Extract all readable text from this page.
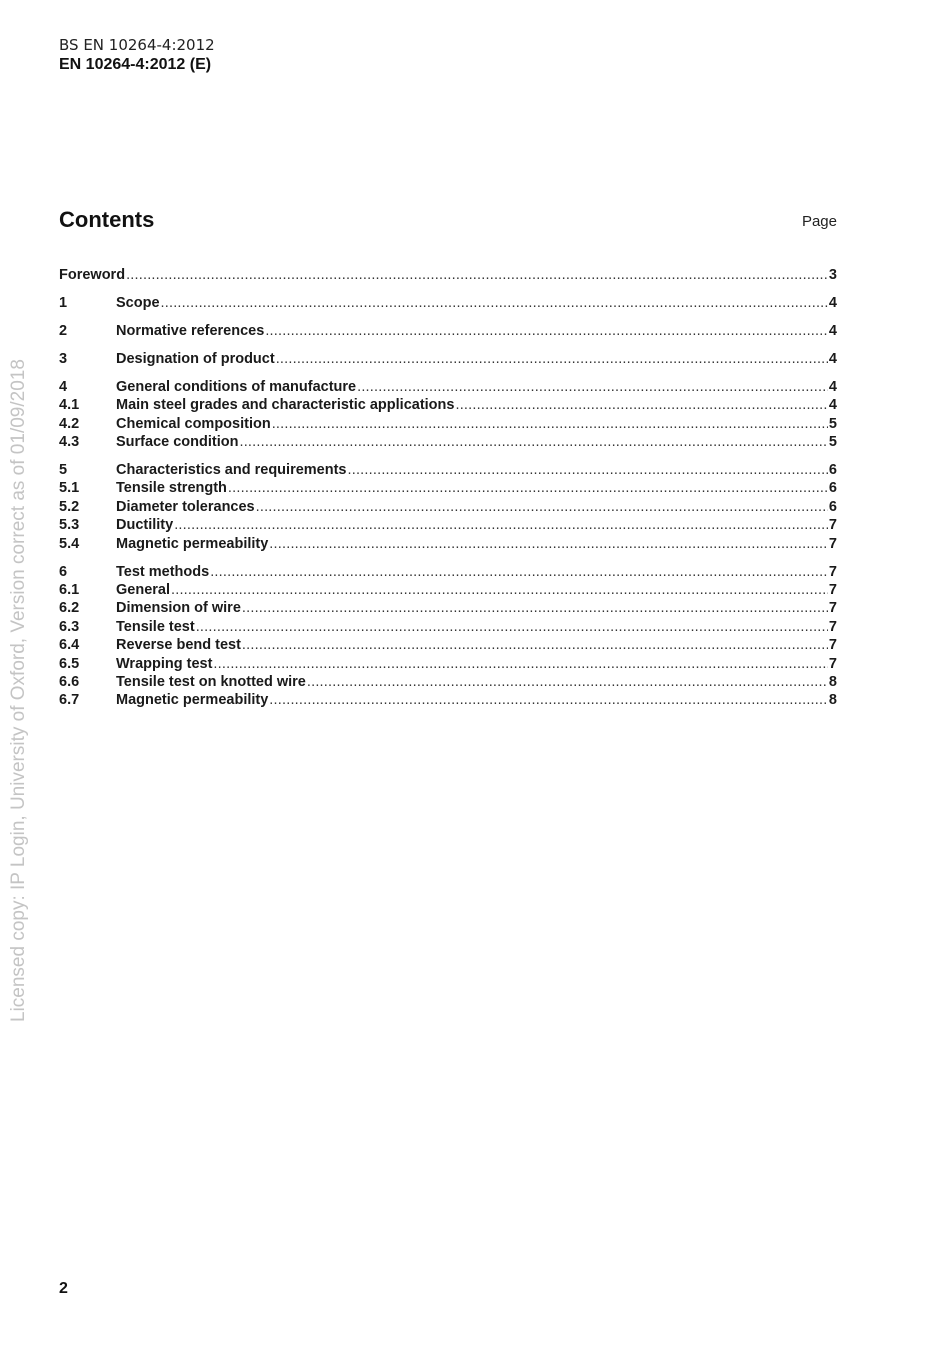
BS EN 10264-4:2012
EN 10264-4:2012 (E)
Contents	Page
Foreword .....	3
1	Scope .....	4
2	Normative references .....	4
3	Designation of product .....	4
4	General conditions of manufacture .....	4
4.1	Main steel grades and characteristic applications .....	4
4.2	Chemical composition .....	5
4.3	Surface condition .....	5
5	Characteristics and requirements .....	6
5.1	Tensile strength .....	6
5.2	Diameter tolerances .....	6
5.3	Ductility .....	7
5.4	Magnetic permeability .....	7
6	Test methods .....	7
6.1	General .....	7
6.2	Dimension of wire .....	7
6.3	Tensile test .....	7
6.4	Reverse bend test .....	7
6.5	Wrapping test .....	7
6.6	Tensile test on knotted wire .....	8
6.7	Magnetic permeability .....	8
Licensed copy: IP Login, University of Oxford, Version correct as of 01/09/2018
2
